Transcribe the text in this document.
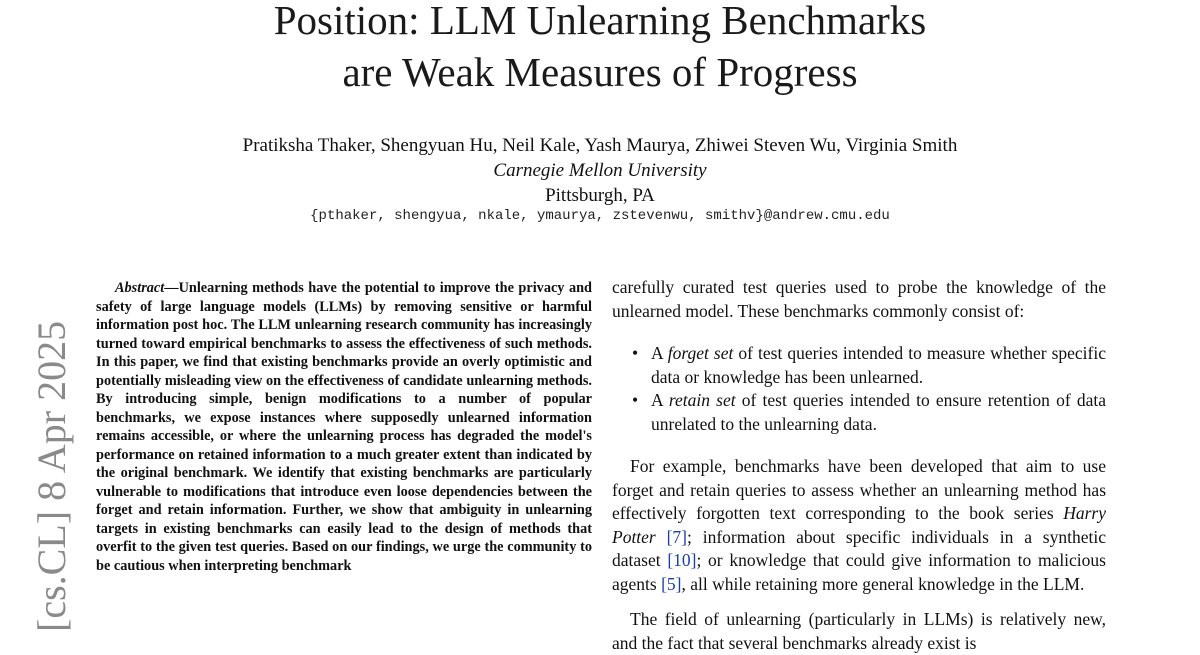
Position: LLM Unlearning Benchmarks
are Weak Measures of Progress
Pratiksha Thaker, Shengyuan Hu, Neil Kale, Yash Maurya, Zhiwei Steven Wu, Virginia Smith
Carnegie Mellon University
Pittsburgh, PA
{pthaker, shengyua, nkale, ymaurya, zstevenwu, smithv}@andrew.cmu.edu
[cs.CL] 8 Apr 2025
Abstract—Unlearning methods have the potential to improve the privacy and safety of large language models (LLMs) by removing sensitive or harmful information post hoc. The LLM unlearning research community has increasingly turned toward empirical benchmarks to assess the effectiveness of such methods. In this paper, we find that existing benchmarks provide an overly optimistic and potentially misleading view on the effectiveness of candidate unlearning methods. By introducing simple, benign modifications to a number of popular benchmarks, we expose instances where supposedly unlearned information remains accessible, or where the unlearning process has degraded the model's performance on retained information to a much greater extent than indicated by the original benchmark. We identify that existing benchmarks are particularly vulnerable to modifications that introduce even loose dependencies between the forget and retain information. Further, we show that ambiguity in unlearning targets in existing benchmarks can easily lead to the design of methods that overfit to the given test queries. Based on our findings, we urge the community to be cautious when interpreting benchmark

carefully curated test queries used to probe the knowledge of the unlearned model. These benchmarks commonly consist of:

• A forget set of test queries intended to measure whether specific data or knowledge has been unlearned.
• A retain set of test queries intended to ensure retention of data unrelated to the unlearning data.

For example, benchmarks have been developed that aim to use forget and retain queries to assess whether an unlearning method has effectively forgotten text corresponding to the book series Harry Potter [7]; information about specific individuals in a synthetic dataset [10]; or knowledge that could give information to malicious agents [5], all while retaining more general knowledge in the LLM.

The field of unlearning (particularly in LLMs) is relatively new, and the fact that several benchmarks already exist is
